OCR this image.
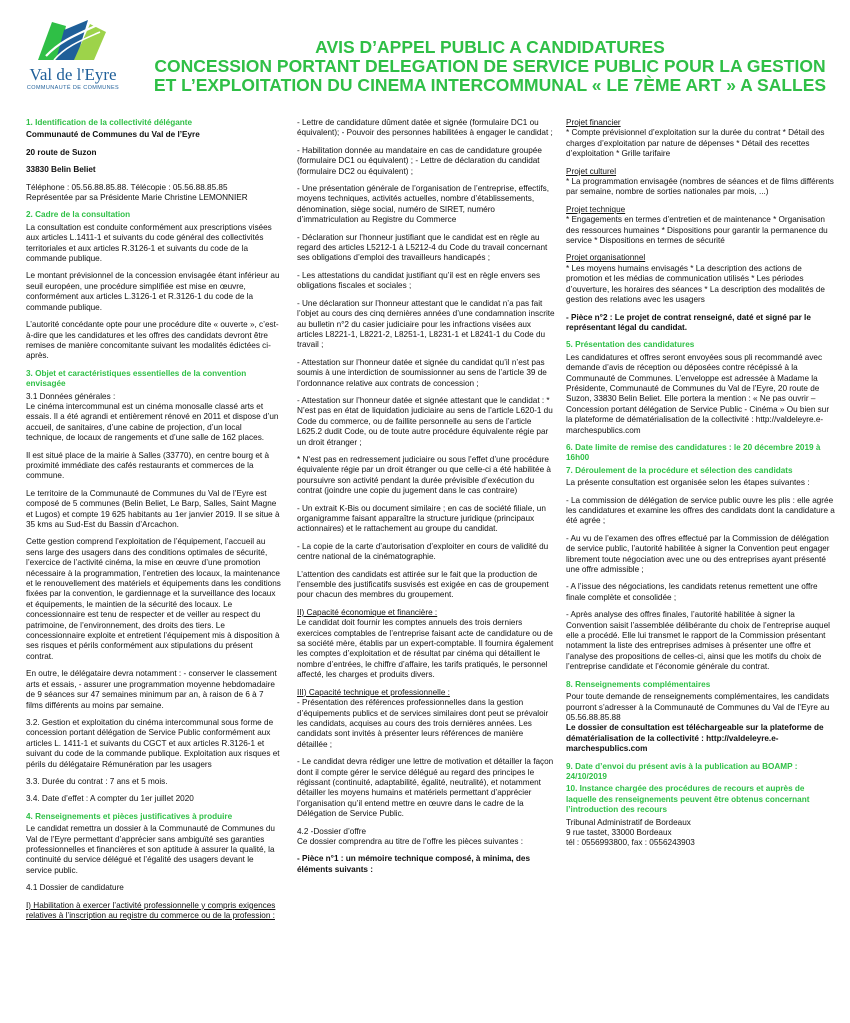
Val de l'Eyre
COMMUNAUTÉ DE COMMUNES
AVIS D’APPEL PUBLIC A CANDIDATURES
CONCESSION PORTANT DELEGATION DE SERVICE PUBLIC POUR LA GESTION
ET L’EXPLOITATION DU CINEMA INTERCOMMUNAL « LE 7ÈME ART » A SALLES
1. Identification de la collectivité délégante
Communauté de Communes du Val de l’Eyre
20 route de Suzon
33830 Belin Beliet
Téléphone : 05.56.88.85.88. Télécopie : 05.56.88.85.85
Représentée par sa Présidente Marie Christine LEMONNIER
2. Cadre de la consultation
La consultation est conduite conformément aux prescriptions visées aux articles L.1411-1 et suivants du code général des collectivités territoriales et aux articles R.3126-1 et suivants du code de la commande publique.
Le montant prévisionnel de la concession envisagée étant inférieur au seuil européen, une procédure simplifiée est mise en œuvre, conformément aux articles L.3126-1 et R.3126-1 du code de la commande publique.
L’autorité concédante opte pour une procédure dite « ouverte », c’est-à-dire que les candidatures et les offres des candidats devront être remises de manière concomitante suivant les modalités édictées ci-après.
3. Objet et caractéristiques essentielles de la convention envisagée
3.1 Données générales :
Le cinéma intercommunal est un cinéma monosalle classé arts et essais. Il a été agrandi et entièrement rénové en 2011 et dispose d’un accueil, de sanitaires, d’une cabine de projection, d’un local technique, de locaux de rangements et d’une salle de 162 places.
Il est situé place de la mairie à Salles (33770), en centre bourg et à proximité immédiate des cafés restaurants et commerces de la commune.
Le territoire de la Communauté de Communes du Val de l’Eyre est composé de 5 communes (Belin Beliet, Le Barp, Salles, Saint Magne et Lugos) et compte 19 625 habitants au 1er janvier 2019. Il se situe à 35 kms au Sud-Est du Bassin d’Arcachon.
Cette gestion comprend l’exploitation de l’équipement, l’accueil au sens large des usagers dans des conditions optimales de sécurité, l’exercice de l’activité cinéma, la mise en œuvre d’une promotion nécessaire à la programmation, l’entretien des locaux, la maintenance et le renouvellement des matériels et équipements dans les conditions fixées par la convention, le gardiennage et la surveillance des locaux et équipements, le maintien de la sécurité des locaux. Le concessionnaire est tenu de respecter et de veiller au respect du patrimoine, de l’environnement, des droits des tiers. Le concessionnaire exploite et entretient l’équipement mis à disposition à ses risques et périls conformément aux stipulations du présent contrat.
En outre, le délégataire devra notamment : - conserver le classement arts et essais, - assurer une programmation moyenne hebdomadaire de 9 séances sur 47 semaines minimum par an, à raison de 6 à 7 films différents au moins par semaine.
3.2. Gestion et exploitation du cinéma intercommunal sous forme de concession portant délégation de Service Public conformément aux articles L. 1411-1 et suivants du CGCT et aux articles R.3126-1 et suivant du code de la commande publique. Exploitation aux risques et périls du délégataire Rémunération par les usagers
3.3. Durée du contrat : 7 ans et 5 mois.
3.4. Date d’effet : A compter du 1er juillet 2020
4. Renseignements et pièces justificatives à produire
Le candidat remettra un dossier à la Communauté de Communes du Val de l’Eyre permettant d’apprécier sans ambiguïté ses garanties professionnelles et financières et son aptitude à assurer la qualité, la continuité du service délégué et l’égalité des usagers devant le service public.
4.1 Dossier de candidature
I) Habilitation à exercer l’activité professionnelle y compris exigences relatives à l’inscription au registre du commerce ou de la profession :
- Lettre de candidature dûment datée et signée (formulaire DC1 ou équivalent); - Pouvoir des personnes habilitées à engager le candidat ;
- Habilitation donnée au mandataire en cas de candidature groupée (formulaire DC1 ou équivalent) ; - Lettre de déclaration du candidat (formulaire DC2 ou équivalent) ;
- Une présentation générale de l’organisation de l’entreprise, effectifs, moyens techniques, activités actuelles, nombre d’établissements, dénomination, siège social, numéro de SIRET, numéro d’immatriculation au Registre du Commerce
- Déclaration sur l’honneur justifiant que le candidat est en règle au regard des articles L5212-1 à L5212-4 du Code du travail concernant ses obligations d’emploi des travailleurs handicapés ;
- Les attestations du candidat justifiant qu’il est en règle envers ses obligations fiscales et sociales ;
- Une déclaration sur l’honneur attestant que le candidat n’a pas fait l’objet au cours des cinq dernières années d’une condamnation inscrite au bulletin n°2 du casier judiciaire pour les infractions visées aux articles L8221-1, L8221-2, L8251-1, L8231-1 et L8241-1 du Code du travail ;
- Attestation sur l’honneur datée et signée du candidat qu’il n’est pas soumis à une interdiction de soumissionner au sens de l’article 39 de l’ordonnance relative aux contrats de concession ;
- Attestation sur l’honneur datée et signée attestant que le candidat : * N’est pas en état de liquidation judiciaire au sens de l’article L620-1 du Code du commerce, ou de faillite personnelle au sens de l’article L625.2 dudit Code, ou de toute autre procédure équivalente régie par un droit étranger ;
* N’est pas en redressement judiciaire ou sous l’effet d’une procédure équivalente régie par un droit étranger ou que celle-ci a été habilitée à poursuivre son activité pendant la durée prévisible d’exécution du contrat (joindre une copie du jugement dans le cas contraire)
- Un extrait K-Bis ou document similaire ; en cas de société filiale, un organigramme faisant apparaître la structure juridique (principaux actionnaires) et le rattachement au groupe du candidat.
- La copie de la carte d’autorisation d’exploiter en cours de validité du centre national de la cinématographie.
L’attention des candidats est attirée sur le fait que la production de l’ensemble des justificatifs susvisés est exigée en cas de groupement pour chacun des membres du groupement.
II) Capacité économique et financière :
Le candidat doit fournir les comptes annuels des trois derniers exercices comptables de l’entreprise faisant acte de candidature ou de sa société mère, établis par un expert-comptable. Il fournira également les comptes d’exploitation et de résultat par cinéma qui détaillent le nombre d’entrées, le chiffre d’affaire, les tarifs pratiqués, le personnel affecté, les charges et produits divers.
III) Capacité technique et professionnelle :
- Présentation des références professionnelles dans la gestion d’équipements publics et de services similaires dont peut se prévaloir les candidats, acquises au cours des trois dernières années. Les candidats sont invités à présenter leurs références de manière détaillée ;
- Le candidat devra rédiger une lettre de motivation et détailler la façon dont il compte gérer le service délégué au regard des principes le régissant (continuité, adaptabilité, égalité, neutralité), et notamment détailler les moyens humains et matériels permettant d’apprécier l’organisation qu’il entend mettre en œuvre dans le cadre de la Délégation de Service Public.
4.2 -Dossier d’offre
Ce dossier comprendra au titre de l’offre les pièces suivantes :
- Pièce n°1 : un mémoire technique composé, à minima, des éléments suivants :
Projet financier
* Compte prévisionnel d’exploitation sur la durée du contrat * Détail des charges d’exploitation par nature de dépenses * Détail des recettes d’exploitation * Grille tarifaire
Projet culturel
* La programmation envisagée (nombres de séances et de films différents par semaine, nombre de sorties nationales par mois, ...)
Projet technique
* Engagements en termes d’entretien et de maintenance * Organisation des ressources humaines * Dispositions pour garantir la permanence du service * Dispositions en termes de sécurité
Projet organisationnel
* Les moyens humains envisagés * La description des actions de promotion et les médias de communication utilisés * Les périodes d’ouverture, les horaires des séances * La description des modalités de gestion des relations avec les usagers
- Pièce n°2 : Le projet de contrat renseigné, daté et signé par le représentant légal du candidat.
5. Présentation des candidatures
Les candidatures et offres seront envoyées sous pli recommandé avec demande d’avis de réception ou déposées contre récépissé à la Communauté de Communes. L’enveloppe est adressée à Madame la Présidente, Communauté de Communes du Val de l’Eyre, 20 route de Suzon, 33830 Belin Beliet. Elle portera la mention : « Ne pas ouvrir – Concession portant délégation de Service Public - Cinéma » Ou bien sur la plateforme de dématérialisation de la collectivité : http://valdeleyre.e-marchespublics.com
6. Date limite de remise des candidatures : le 20 décembre 2019 à 16h00
7. Déroulement de la procédure et sélection des candidats
La présente consultation est organisée selon les étapes suivantes :
- La commission de délégation de service public ouvre les plis : elle agrée les candidatures et examine les offres des candidats dont la candidature a été agrée ;
- Au vu de l’examen des offres effectué par la Commission de délégation de service public, l’autorité habilitée à signer la Convention peut engager librement toute négociation avec une ou des entreprises ayant présenté une offre admissible ;
- A l’issue des négociations, les candidats retenus remettent une offre finale complète et consolidée ;
- Après analyse des offres finales, l’autorité habilitée à signer la Convention saisit l’assemblée délibérante du choix de l’entreprise auquel elle a procédé. Elle lui transmet le rapport de la Commission présentant notamment la liste des entreprises admises à présenter une offre et l’analyse des propositions de celles-ci, ainsi que les motifs du choix de l’entreprise candidate et l’économie générale du contrat.
8. Renseignements complémentaires
Pour toute demande de renseignements complémentaires, les candidats pourront s’adresser à la Communauté de Communes du Val de l’Eyre au 05.56.88.85.88
Le dossier de consultation est téléchargeable sur la plateforme de dématérialisation de la collectivité : http://valdeleyre.e-marchespublics.com
9. Date d’envoi du présent avis à la publication au BOAMP : 24/10/2019
10. Instance chargée des procédures de recours et auprès de laquelle des renseignements peuvent être obtenus concernant l’introduction des recours
Tribunal Administratif de Bordeaux
9 rue tastet, 33000 Bordeaux
tél : 0556993800, fax : 0556243903
